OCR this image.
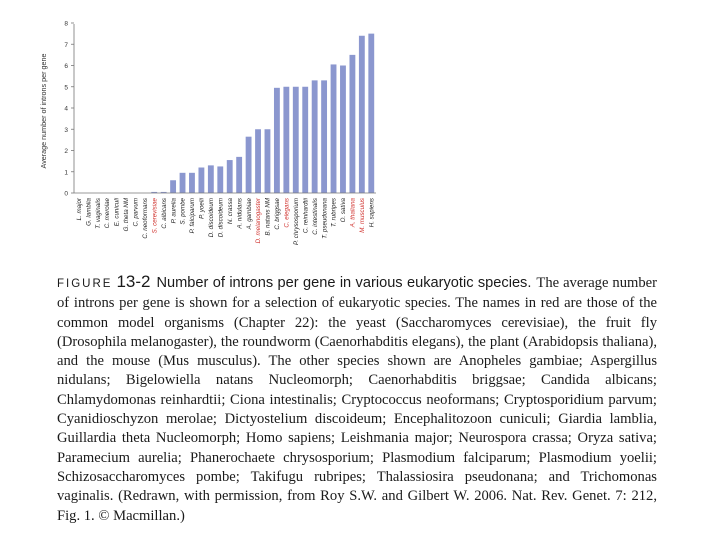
Average number of introns per gene
0
1
2
3
4
5
6
7
8
L. major G. lamblia T. vaginalis C. merolae E. cuniculi G. theta NM C. parvum C. neoformans S. cerevisiae C. albicans P. aurelia S. pombe P. falciparum P. yoelii D. discoideum D. discoideum N. crassa A. nidulans A. gambiae D. melanogaster B. natans NM C. briggsae C. elegans P. chrysosporium C. reinhardtii C. intestinalis T. pseudonana T. rubripes O. sativa A. thaliana M. musculus H. sapiens
FIGURE 13-2 Number of introns per gene in various eukaryotic species. The average number of introns per gene is shown for a selection of eukaryotic species. The names in red are those of the common model organisms (Chapter 22): the yeast (Saccharomyces cerevisiae), the fruit fly (Drosophila melanogaster), the roundworm (Caenorhabditis elegans), the plant (Arabidopsis thaliana), and the mouse (Mus musculus). The other species shown are Anopheles gambiae; Aspergillus nidulans; Bigelowiella natans Nucleomorph; Caenorhabditis briggsae; Candida albicans; Chlamydomonas reinhardtii; Ciona intestinalis; Cryptococcus neoformans; Cryptosporidium parvum; Cyanidioschyzon merolae; Dictyostelium discoideum; Encephalitozoon cuniculi; Giardia lamblia, Guillardia theta Nucleomorph; Homo sapiens; Leishmania major; Neurospora crassa; Oryza sativa; Paramecium aurelia; Phanerochaete chrysosporium; Plasmodium falciparum; Plasmodium yoelii; Schizosaccharomyces pombe; Takifugu rubripes; Thalassiosira pseudonana; and Trichomonas vaginalis. (Redrawn, with permission, from Roy S.W. and Gilbert W. 2006. Nat. Rev. Genet. 7: 212, Fig. 1. © Macmillan.)
